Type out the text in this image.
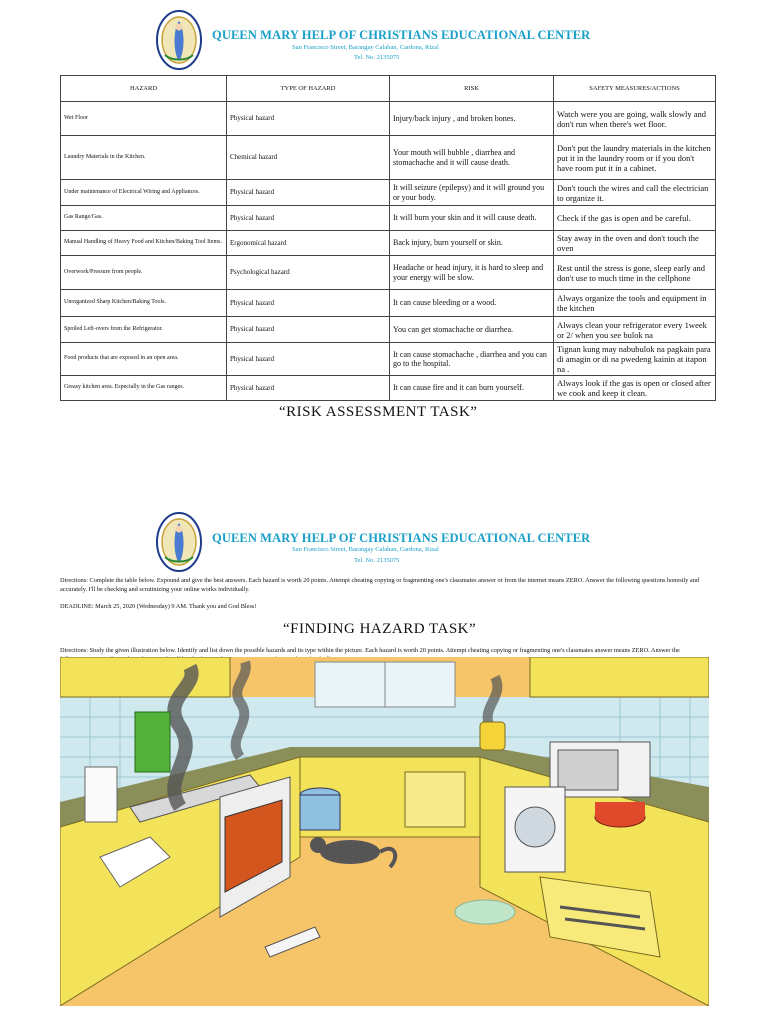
QUEEN MARY HELP OF CHRISTIANS EDUCATIONAL CENTER
San Francisco Street, Barangay Calahan, Cardona, Rizal
Tel. No. 2135075
HAZARD	TYPE OF HAZARD	RISK	SAFETY MEASURES/ACTIONS
Wet Floor	Physical hazard	Injury/back injury , and broken bones.	Watch were you are going, walk slowly and don't run when there's wet floor.
Laundry Materials in the Kitchen.	Chemical hazard	Your mouth will bubble , diarrhea and stomachache and it will cause death.	Don't put the laundry materials in the kitchen put it in the laundry room or if you don't have room put it in a cabinet.
Under maintenance of Electrical Wiring and Appliances.	Physical hazard	It will seizure (epilepsy) and it will ground you or your body.	Don't touch the wires and call the electrician to organize it.
Gas Range/Gas.	Physical hazard	It will burn your skin and it will cause death.	Check if the gas is open and be careful.
Manual Handling of Heavy Food and Kitchen/Baking Tool Items.	Ergonomical hazard	Back injury, burn yourself or skin.	Stay away in the oven and don't touch the oven
Overwork/Pressure from people.	Psychological hazard	Headache or head injury, it is hard to sleep and your energy will be slow.	Rest until the stress is gone, sleep early and don't use to much time in the cellphone
Unorganized Sharp Kitchen/Baking Tools.	Physical hazard	It can cause bleeding or a wood.	Always organize the tools and equipment in the kitchen
Spoiled Left-overs from the Refrigerator.	Physical hazard	You can get stomachache or diarrhea.	Always clean your refrigerator every 1week or 2/ when you see bulok na
Food products that are exposed in an open area.	Physical hazard	It can cause stomachache , diarrhea and you can go to the hospital.	Tignan kung may nabubulok na pagkain para di amagin or di na pwedeng kainin at itapon na .
Greasy kitchen area. Especially in the Gas ranges.	Physical hazard	It can cause fire and it can burn yourself.	Always look if the gas is open or closed after we cook and keep it clean.
“RISK ASSESSMENT TASK”
QUEEN MARY HELP OF CHRISTIANS EDUCATIONAL CENTER
San Francisco Street, Barangay Calahan, Cardona, Rizal
Tel. No. 2135075
Directions: Complete the table below. Expound and give the best answers. Each hazard is worth 20 points. Attempt cheating copying or fragmenting one's classmates answer or from the internet means ZERO. Answer the following questions honestly and accurately. I'll be checking and scrutinizing your online works individually.
DEADLINE: March 25, 2020 (Wednesday) 9 AM. Thank you and God Bless!
“FINDING HAZARD TASK”
Directions: Study the given illustration below. Identify and list down the possible hazards and its type within the picture. Each hazard is worth 20 points. Attempt cheating copying or fragmenting one's classmates answer means ZERO. Answer the
